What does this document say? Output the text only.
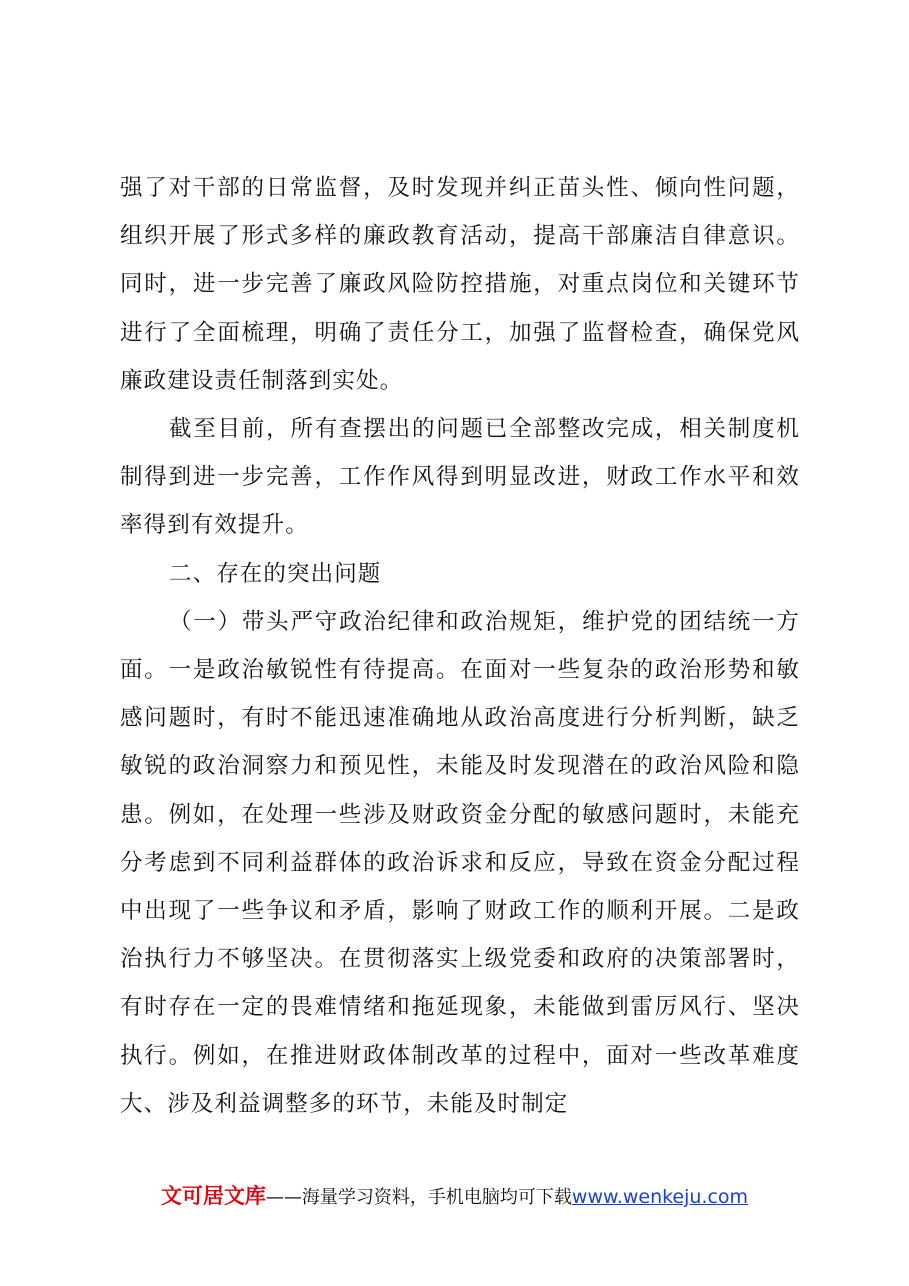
强了对干部的日常监督，及时发现并纠正苗头性、倾向性问题，组织开展了形式多样的廉政教育活动，提高干部廉洁自律意识。同时，进一步完善了廉政风险防控措施，对重点岗位和关键环节进行了全面梳理，明确了责任分工，加强了监督检查，确保党风廉政建设责任制落到实处。

截至目前，所有查摆出的问题已全部整改完成，相关制度机制得到进一步完善，工作作风得到明显改进，财政工作水平和效率得到有效提升。

二、存在的突出问题

（一）带头严守政治纪律和政治规矩，维护党的团结统一方面。一是政治敏锐性有待提高。在面对一些复杂的政治形势和敏感问题时，有时不能迅速准确地从政治高度进行分析判断，缺乏敏锐的政治洞察力和预见性，未能及时发现潜在的政治风险和隐患。例如，在处理一些涉及财政资金分配的敏感问题时，未能充分考虑到不同利益群体的政治诉求和反应，导致在资金分配过程中出现了一些争议和矛盾，影响了财政工作的顺利开展。二是政治执行力不够坚决。在贯彻落实上级党委和政府的决策部署时，有时存在一定的畏难情绪和拖延现象，未能做到雷厉风行、坚决执行。例如，在推进财政体制改革的过程中，面对一些改革难度大、涉及利益调整多的环节，未能及时制定

文可居文库——海量学习资料，手机电脑均可下载www.wenkeju.com
